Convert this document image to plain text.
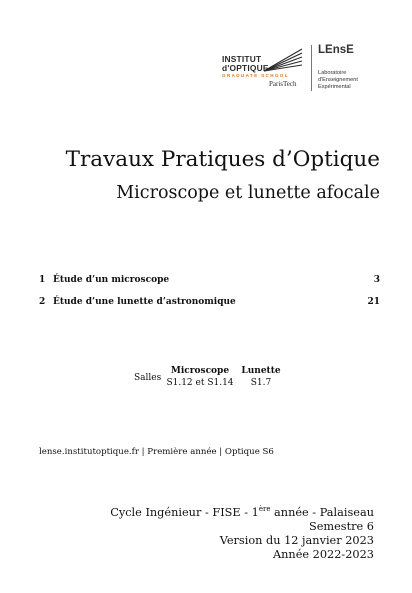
INSTITUT
d'OPTIQUE
GRADUATE SCHOOL
ParisTech
LEnsE
Laboratoire
d'Enseignement
Expérimental
Travaux Pratiques d’Optique
Microscope et lunette afocale
1 Étude d’un microscope	3
2 Étude d’une lunette d’astronomique	21
Salles
Microscope
S1.12 et S1.14
Lunette
S1.7
lense.institutoptique.fr | Première année | Optique S6
Cycle Ingénieur - FISE - 1ère année - Palaiseau
Semestre 6
Version du 12 janvier 2023
Année 2022-2023
